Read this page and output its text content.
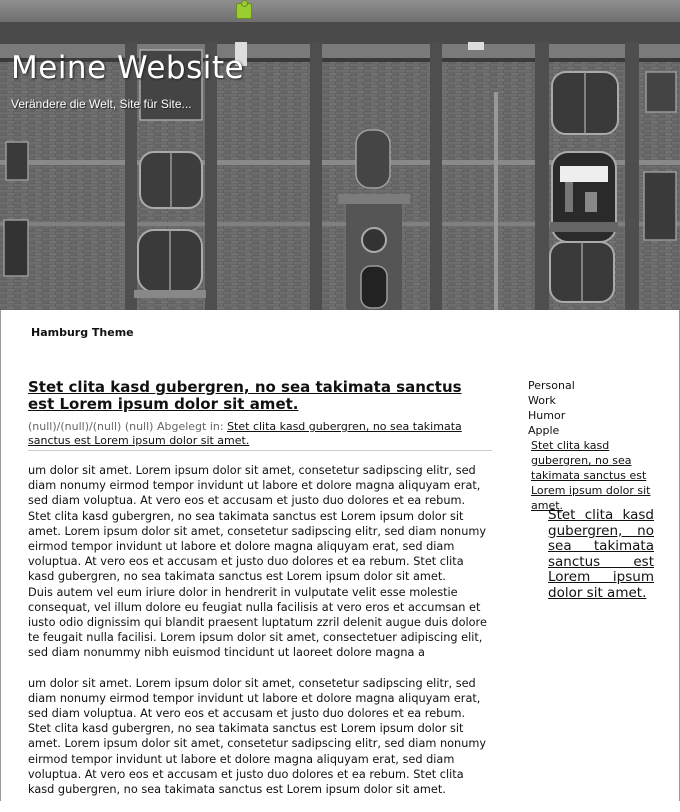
Meine Website
Verändere die Welt, Site für Site...
Hamburg Theme
Stet clita kasd gubergren, no sea takimata sanctus est Lorem ipsum dolor sit amet.
(null)/(null)/(null) (null) Abgelegt in: Stet clita kasd gubergren, no sea takimata sanctus est Lorem ipsum dolor sit amet.

um dolor sit amet. Lorem ipsum dolor sit amet, consetetur sadipscing elitr, sed diam nonumy eirmod tempor invidunt ut labore et dolore magna aliquyam erat, sed diam voluptua. At vero eos et accusam et justo duo dolores et ea rebum. Stet clita kasd gubergren, no sea takimata sanctus est Lorem ipsum dolor sit amet. Lorem ipsum dolor sit amet, consetetur sadipscing elitr, sed diam nonumy eirmod tempor invidunt ut labore et dolore magna aliquyam erat, sed diam voluptua. At vero eos et accusam et justo duo dolores et ea rebum. Stet clita kasd gubergren, no sea takimata sanctus est Lorem ipsum dolor sit amet.
Duis autem vel eum iriure dolor in hendrerit in vulputate velit esse molestie consequat, vel illum dolore eu feugiat nulla facilisis at vero eros et accumsan et iusto odio dignissim qui blandit praesent luptatum zzril delenit augue duis dolore te feugait nulla facilisi. Lorem ipsum dolor sit amet, consectetuer adipiscing elit, sed diam nonummy nibh euismod tincidunt ut laoreet dolore magna a

um dolor sit amet. Lorem ipsum dolor sit amet, consetetur sadipscing elitr, sed diam nonumy eirmod tempor invidunt ut labore et dolore magna aliquyam erat, sed diam voluptua. At vero eos et accusam et justo duo dolores et ea rebum. Stet clita kasd gubergren, no sea takimata sanctus est Lorem ipsum dolor sit amet. Lorem ipsum dolor sit amet, consetetur sadipscing elitr, sed diam nonumy eirmod tempor invidunt ut labore et dolore magna aliquyam erat, sed diam voluptua. At vero eos et accusam et justo duo dolores et ea rebum. Stet clita kasd gubergren, no sea takimata sanctus est Lorem ipsum dolor sit amet.

Personal
Work
Humor
Apple
Stet clita kasd gubergren, no sea takimata sanctus est Lorem ipsum dolor sit amet.
Stet clita kasd gubergren, no sea takimata sanctus est Lorem ipsum dolor sit amet.
